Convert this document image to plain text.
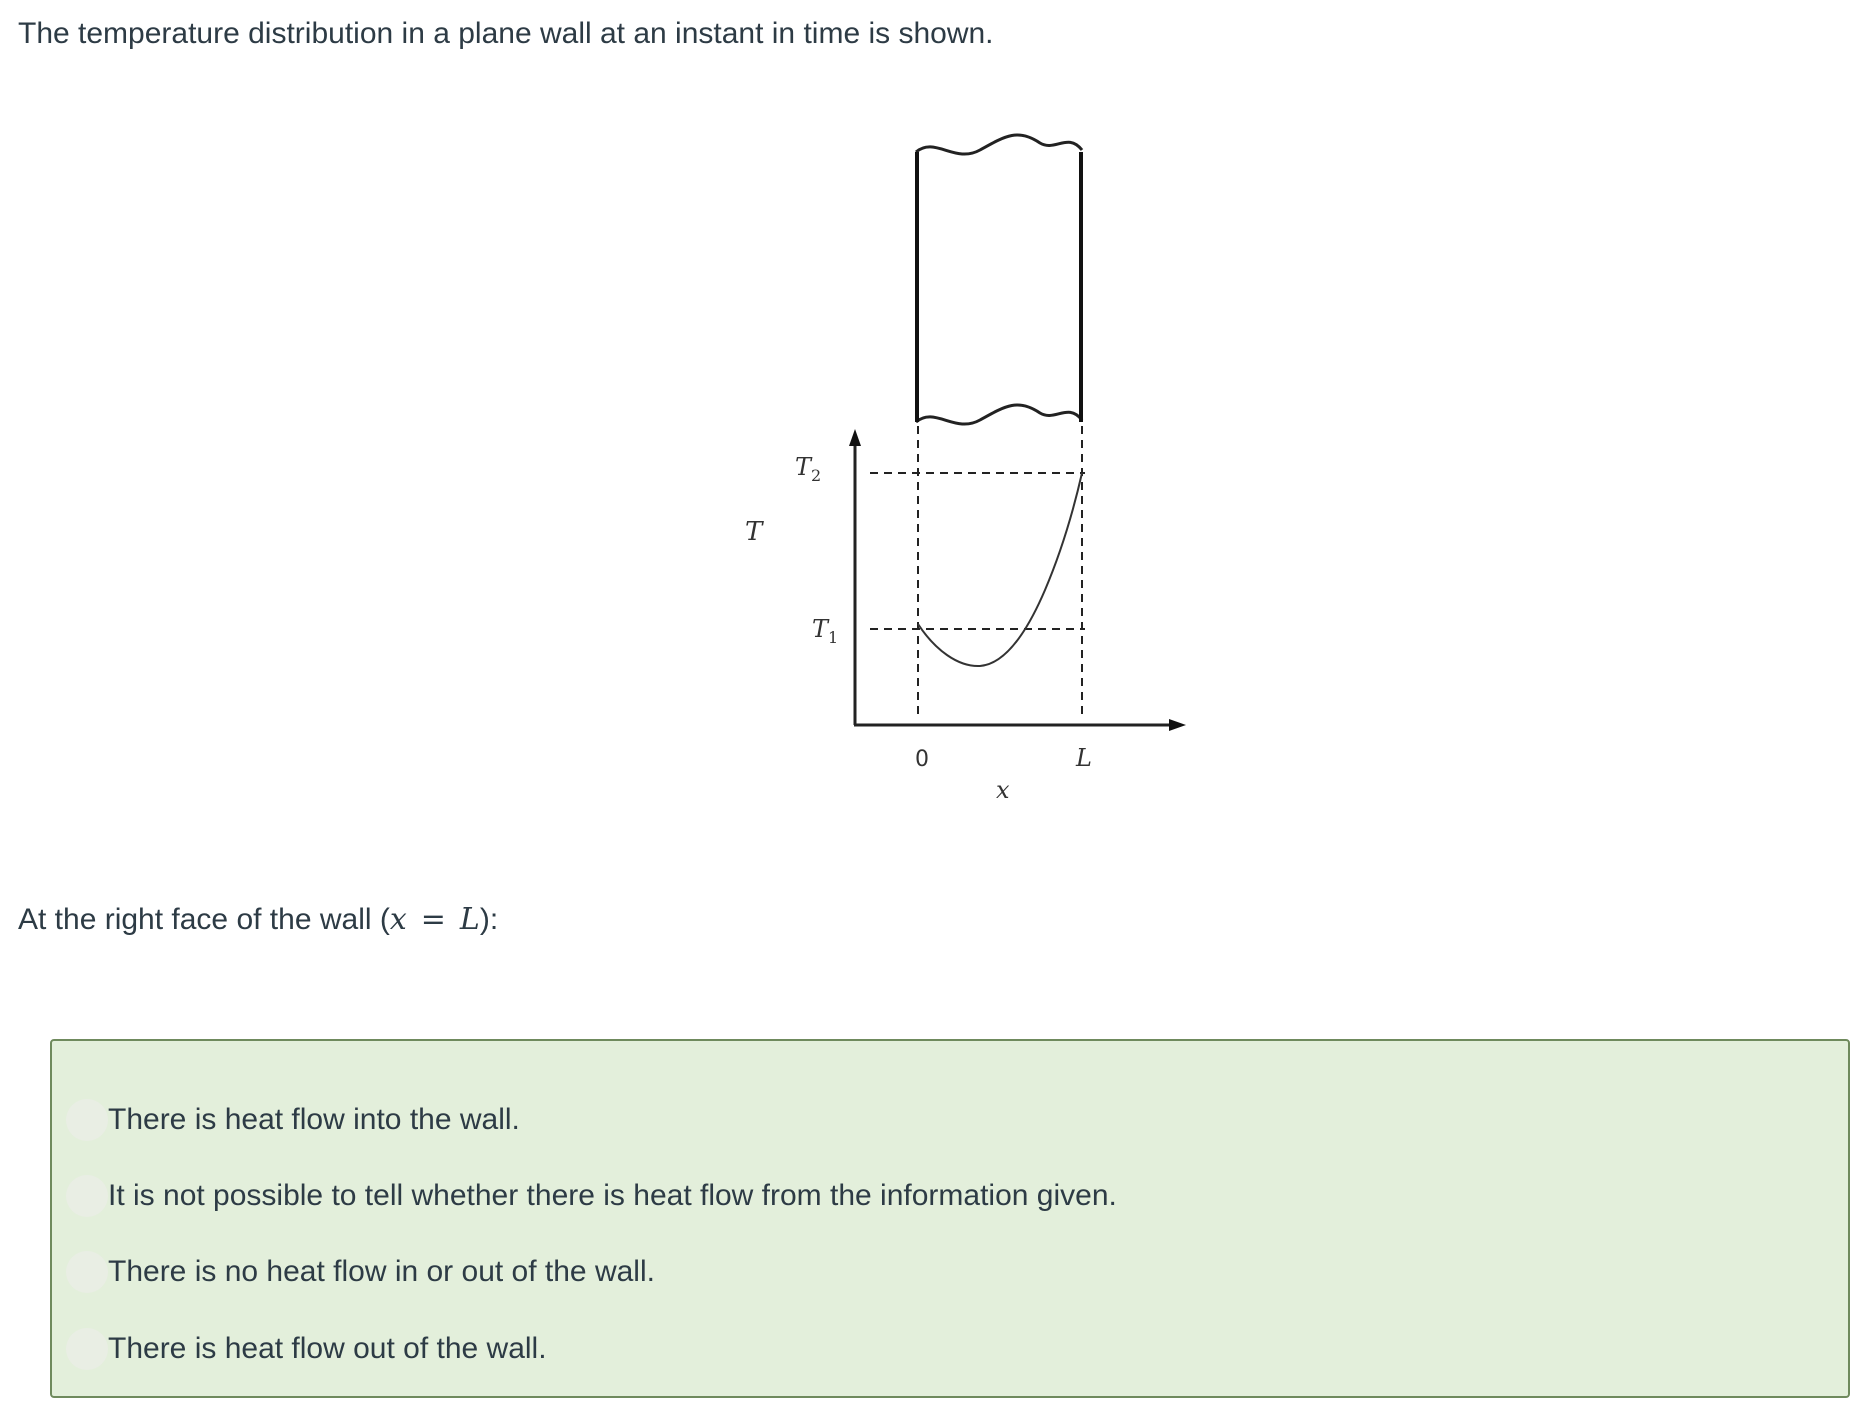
The temperature distribution in a plane wall at an instant in time is shown.

T
$T_2$
$T_1$
0	L
x

At the right face of the wall (x = L):

There is heat flow into the wall.
It is not possible to tell whether there is heat flow from the information given.
There is no heat flow in or out of the wall.
There is heat flow out of the wall.
